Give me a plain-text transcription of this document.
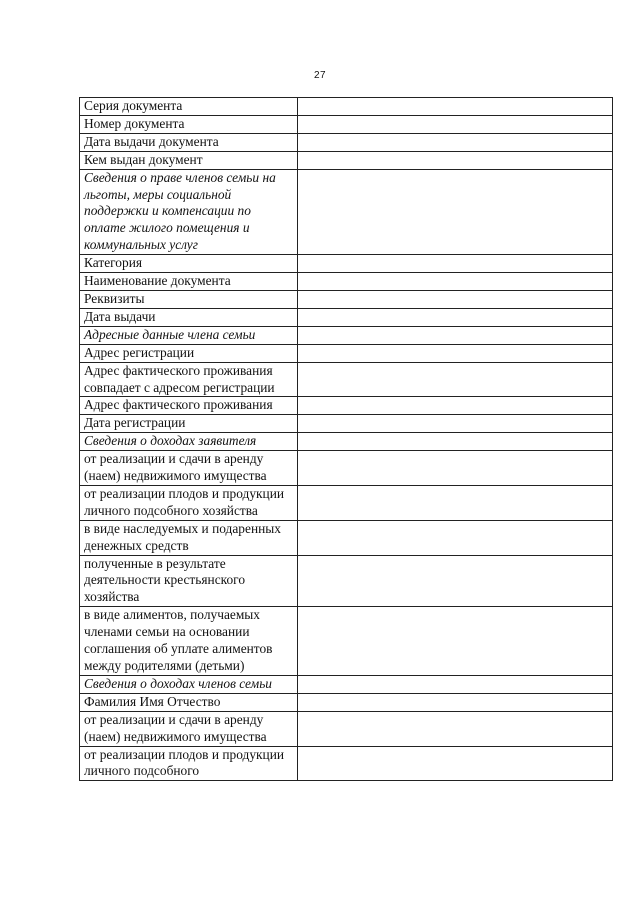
27
Серия документа	

Номер документа	

Дата выдачи документа	

Кем выдан документ	

Сведения о праве членов семьи на льготы, меры социальной поддержки и компенсации по оплате жилого помещения и коммунальных услуг	

Категория	

Наименование документа	

Реквизиты	

Дата выдачи	

Адресные данные члена семьи	

Адрес регистрации	

Адрес фактического проживания совпадает с адресом регистрации	

Адрес фактического проживания	

Дата регистрации	

Сведения о доходах заявителя	

от реализации и сдачи в аренду (наем) недвижимого имущества	

от реализации плодов и продукции личного подсобного хозяйства	

в виде наследуемых и подаренных денежных средств	

полученные в результате деятельности крестьянского хозяйства	

в виде алиментов, получаемых членами семьи на основании соглашения об уплате алиментов между родителями (детьми)	

Сведения о доходах членов семьи	

Фамилия Имя Отчество	

от реализации и сдачи в аренду (наем) недвижимого имущества	

от реализации плодов и продукции личного подсобного	
